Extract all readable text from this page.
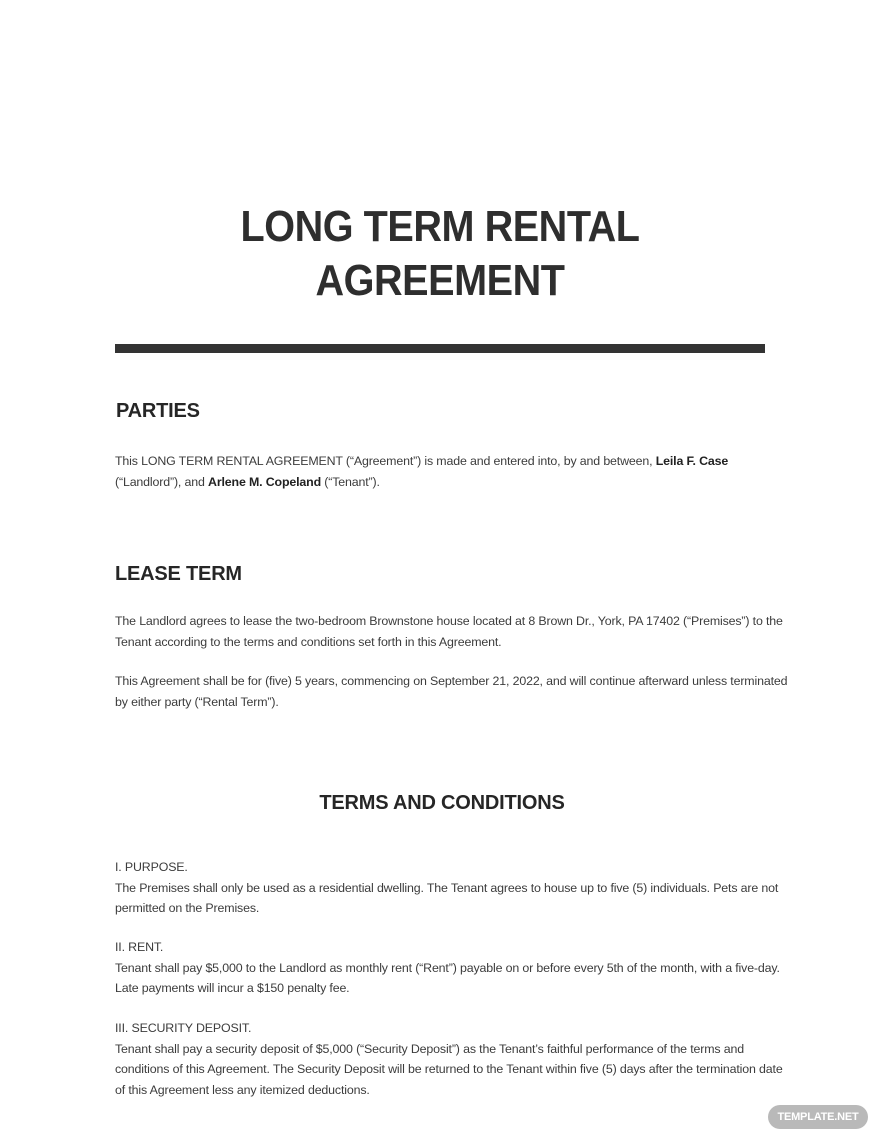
LONG TERM RENTAL
AGREEMENT
PARTIES

This LONG TERM RENTAL AGREEMENT (“Agreement”) is made and entered into, by and between, Leila F. Case (“Landlord”), and Arlene M. Copeland (“Tenant”).

LEASE TERM

The Landlord agrees to lease the two-bedroom Brownstone house located at 8 Brown Dr., York, PA 17402 (“Premises”) to the Tenant according to the terms and conditions set forth in this Agreement.

This Agreement shall be for (five) 5 years, commencing on September 21, 2022, and will continue afterward unless terminated by either party (“Rental Term”).

TERMS AND CONDITIONS
I. PURPOSE.
The Premises shall only be used as a residential dwelling. The Tenant agrees to house up to five (5) individuals. Pets are not permitted on the Premises.
II. RENT.
Tenant shall pay $5,000 to the Landlord as monthly rent (“Rent”) payable on or before every 5th of the month, with a five-day. Late payments will incur a $150 penalty fee.
III. SECURITY DEPOSIT.
Tenant shall pay a security deposit of $5,000 (“Security Deposit”) as the Tenant’s faithful performance of the terms and conditions of this Agreement. The Security Deposit will be returned to the Tenant within five (5) days after the termination date of this Agreement less any itemized deductions.
TEMPLATE.NET
